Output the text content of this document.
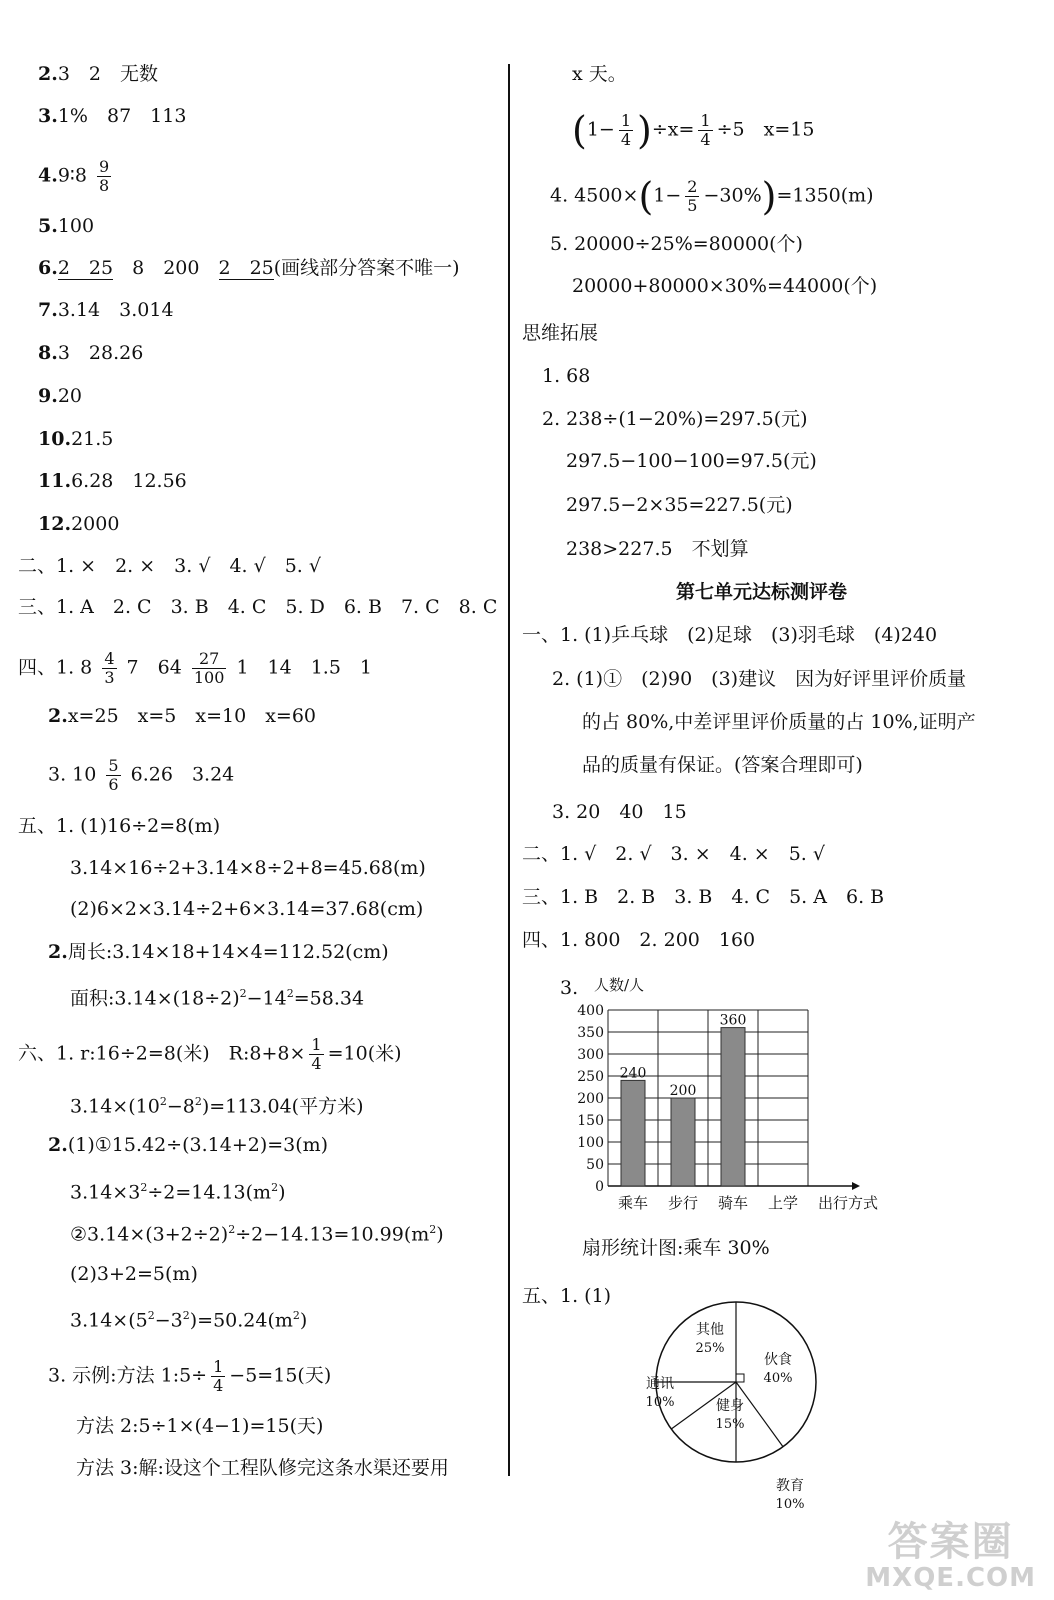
2.3　2　无数
3.1%　87　113
4.9∶8 $\frac{9}{8}$
5.100
6.2　25　 8　200　 2　25(画线部分答案不唯一)
7.3.14̇　3.014
8.3　28.26
9.20
10.21.5
11.6.28　12.56
12.2000
二、1. ×　2. ×　3. √　4. √　5. √
三、1. A　2. C　3. B　4. C　5. D　6. B　7. C　8. C
四、1. $8 \frac{4}{3} 7$　$64 \frac{27}{100} 1$　14　1.5　1
2.x=25　x=5　x=10　x=60
3. $10 \frac{5}{6} 6.26$　3.24
五、1. (1)16÷2=8(m)
3.14×16÷2+3.14×8÷2+8=45.68(m)
(2)6×2×3.14÷2+6×3.14=37.68(cm)
2.周长:3.14×18+14×4=112.52(cm)
面积$:3.14\times(18\div 2)^2-14^2=58.34$
六、1. r:16÷2=8(米)　R:8+8× $\frac{1}{4} =10$(米)
$3.14\times(10^2-8^2)=113.04$(平方米)
2.(1)①15.42÷(3.14+2)=3(m)
$3.14\times 3^2\div 2=14.13(m^2)$
$②3.14\times(3+2\div 2)^2\div 2-14.13=10.99(m^2)$
(2)3+2=5(m)
$3.14\times(5^2-3^2)=50.24(m^2)$
3. 示例:方法 1:5÷ $\frac{1}{4} -5=15$(天)
方法 2:5÷1×(4−1)=15(天)
方法 3:解:设这个工程队修完这条水渠还要用
x 天。
$(1- \frac{1}{4} )\div x= \frac{1}{4} \div 5$　x=15
4. $4500\times(1- \frac{2}{5} -30\%)=1350(m)$
5. 20000÷25%=80000(个)
20000+80000×30%=44000(个)
思维拓展
1. 68
2. 238÷(1−20%)=297.5(元)
297.5−100−100=97.5(元)
297.5−2×35=227.5(元)
238>227.5　不划算
第七单元达标测评卷
一、1. (1)乒乓球　(2)足球　(3)羽毛球　(4)240
2. (1)①　(2)90　(3)建议　因为好评里评价质量
的占 80%,中差评里评价质量的占 10%,证明产
品的质量有保证。(答案合理即可)
3. 20　40　15
二、1. √　2. √　3. ×　4. ×　5. √
三、1. B　2. B　3. B　4. C　5. A　6. B
四、1. 800　2. 200　160
3.
0
50
100
150
200
250
300
350
400
人数/人
240
乘车
200
步行
360
骑车 上学 出行方式
扇形统计图:乘车 30%
五、1. (1)
其他
25%
伙食
40%
教育
10%
健身
15%
通讯
10%
答案圈
MXQE.COM
